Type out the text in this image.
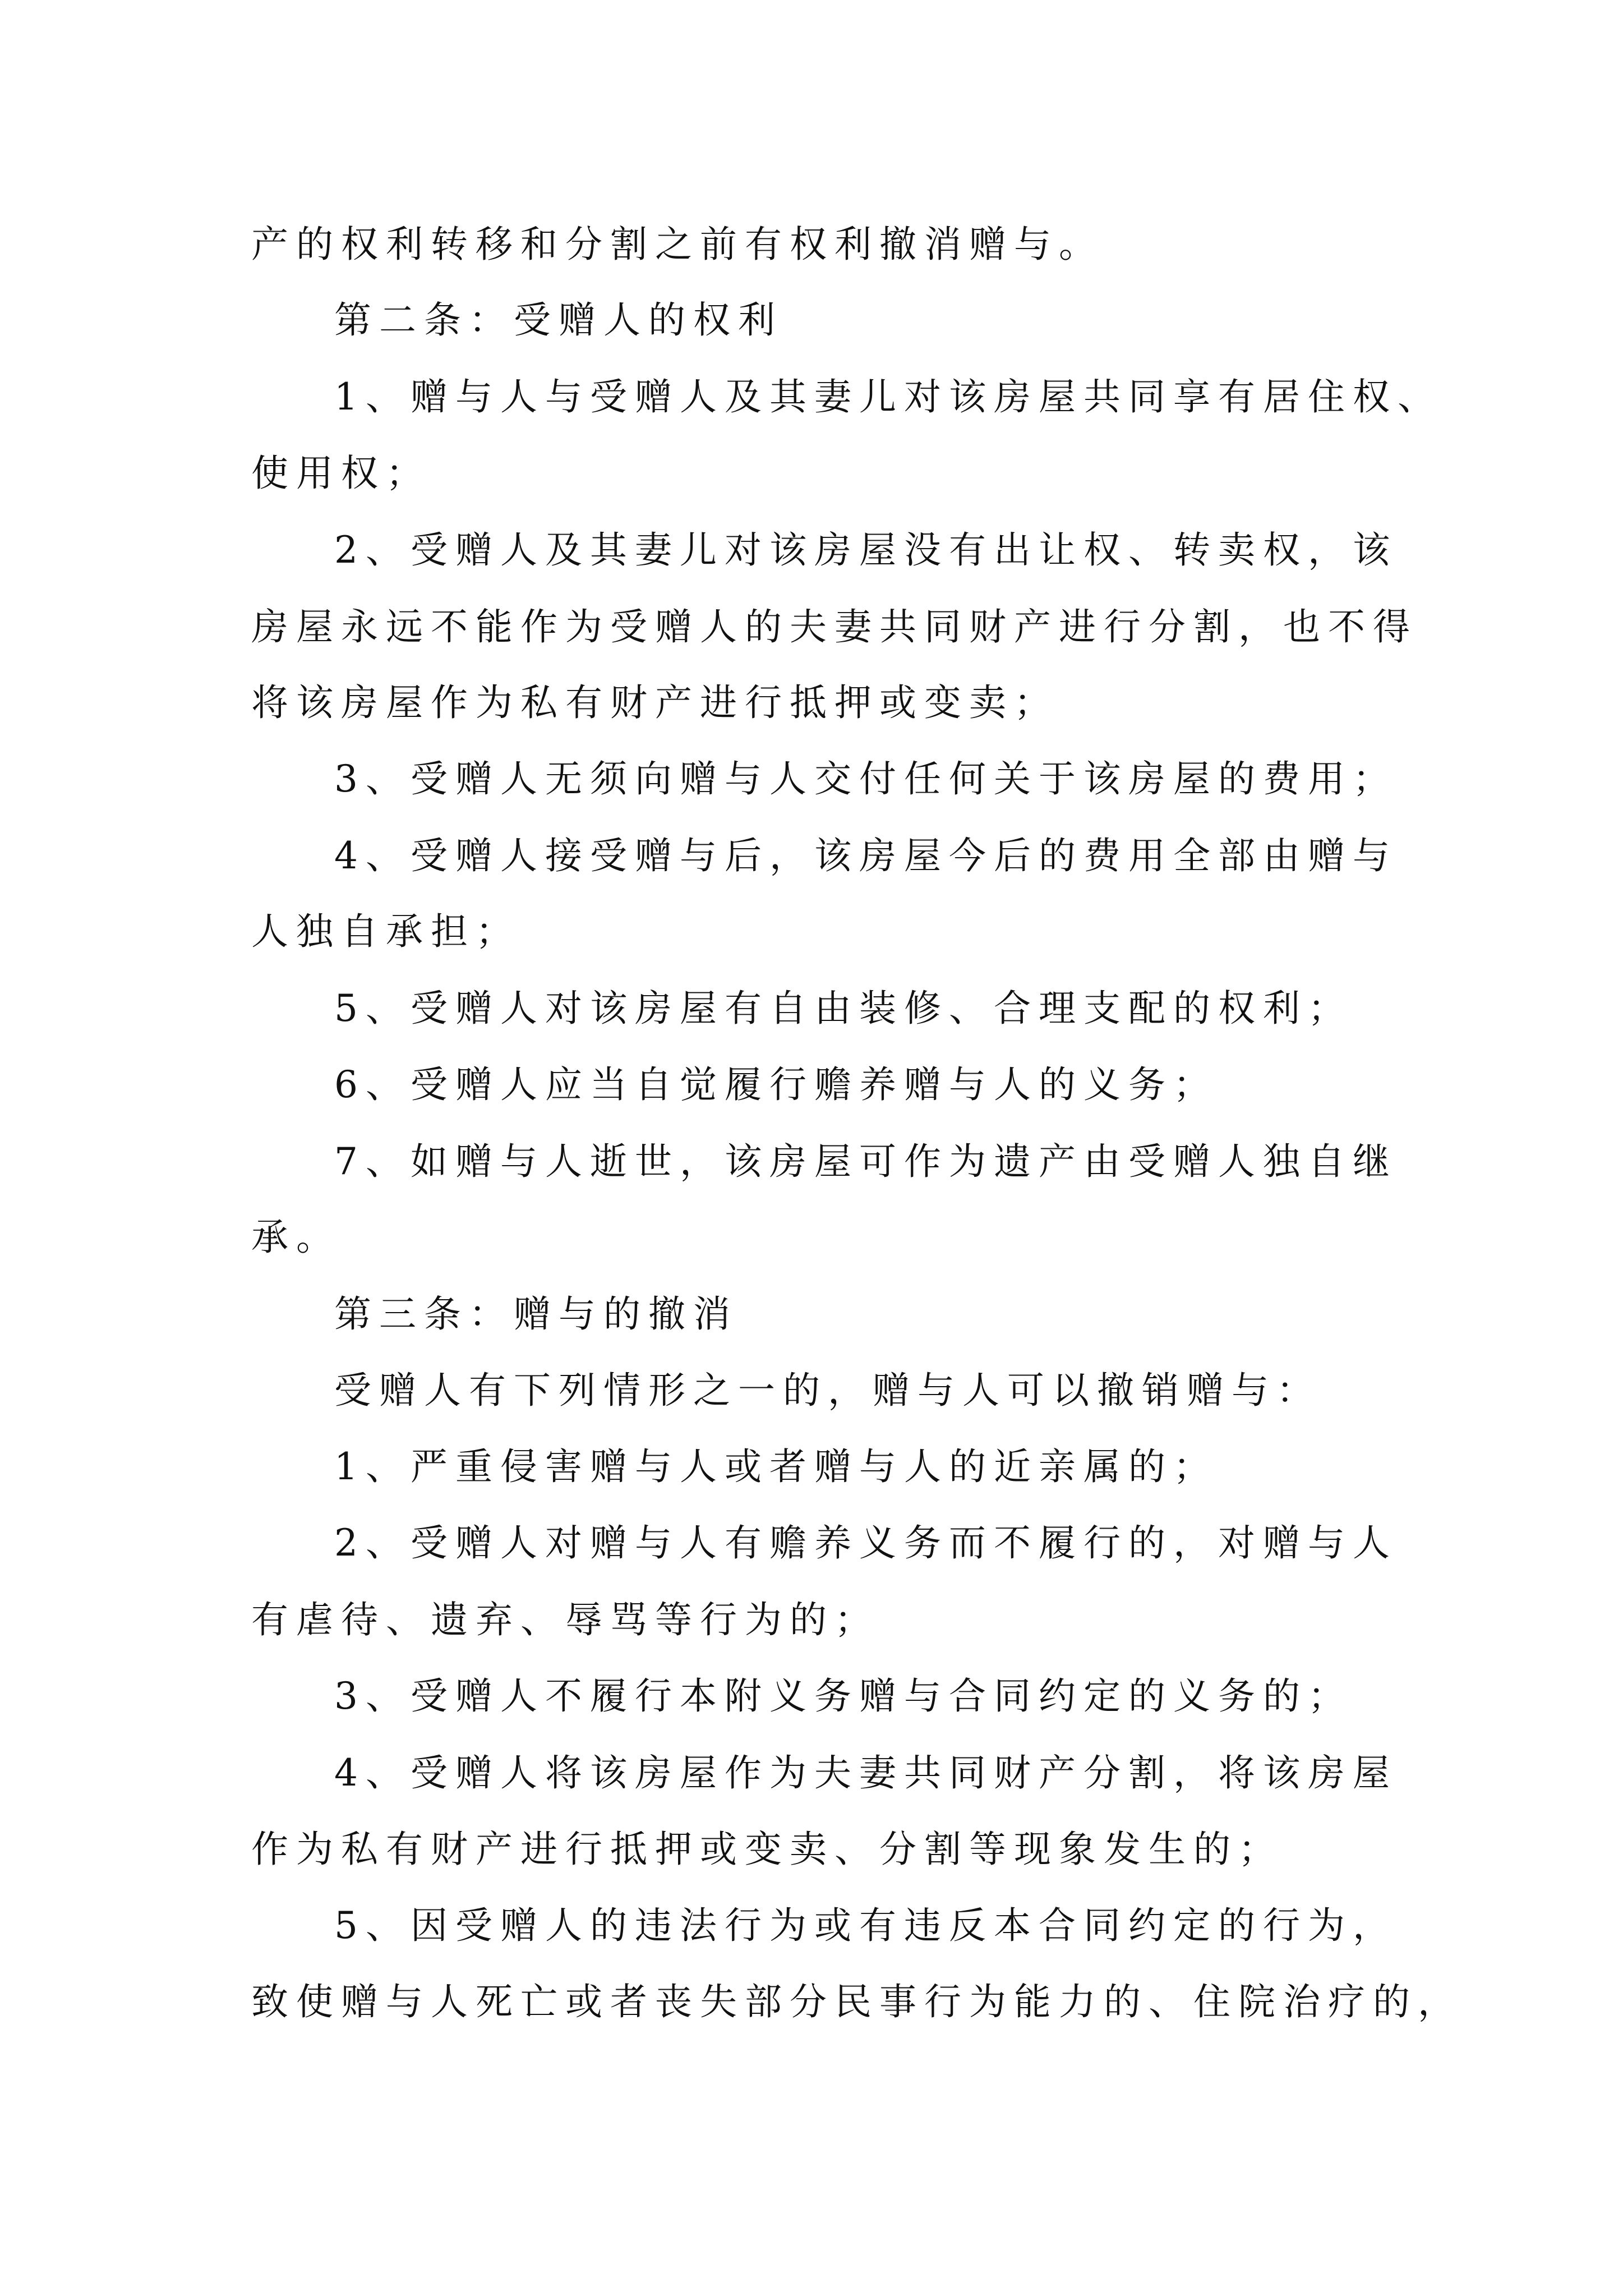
产的权利转移和分割之前有权利撤消赠与。

第二条：受赠人的权利

1、赠与人与受赠人及其妻儿对该房屋共同享有居住权、

使用权；

2、受赠人及其妻儿对该房屋没有出让权、转卖权，该

房屋永远不能作为受赠人的夫妻共同财产进行分割，也不得

将该房屋作为私有财产进行抵押或变卖；

3、受赠人无须向赠与人交付任何关于该房屋的费用；

4、受赠人接受赠与后，该房屋今后的费用全部由赠与

人独自承担；

5、受赠人对该房屋有自由装修、合理支配的权利；

6、受赠人应当自觉履行赡养赠与人的义务；

7、如赠与人逝世，该房屋可作为遗产由受赠人独自继

承。

第三条：赠与的撤消

受赠人有下列情形之一的，赠与人可以撤销赠与：

1、严重侵害赠与人或者赠与人的近亲属的；

2、受赠人对赠与人有赡养义务而不履行的，对赠与人

有虐待、遗弃、辱骂等行为的；

3、受赠人不履行本附义务赠与合同约定的义务的；

4、受赠人将该房屋作为夫妻共同财产分割，将该房屋

作为私有财产进行抵押或变卖、分割等现象发生的；

5、因受赠人的违法行为或有违反本合同约定的行为，

致使赠与人死亡或者丧失部分民事行为能力的、住院治疗的，
